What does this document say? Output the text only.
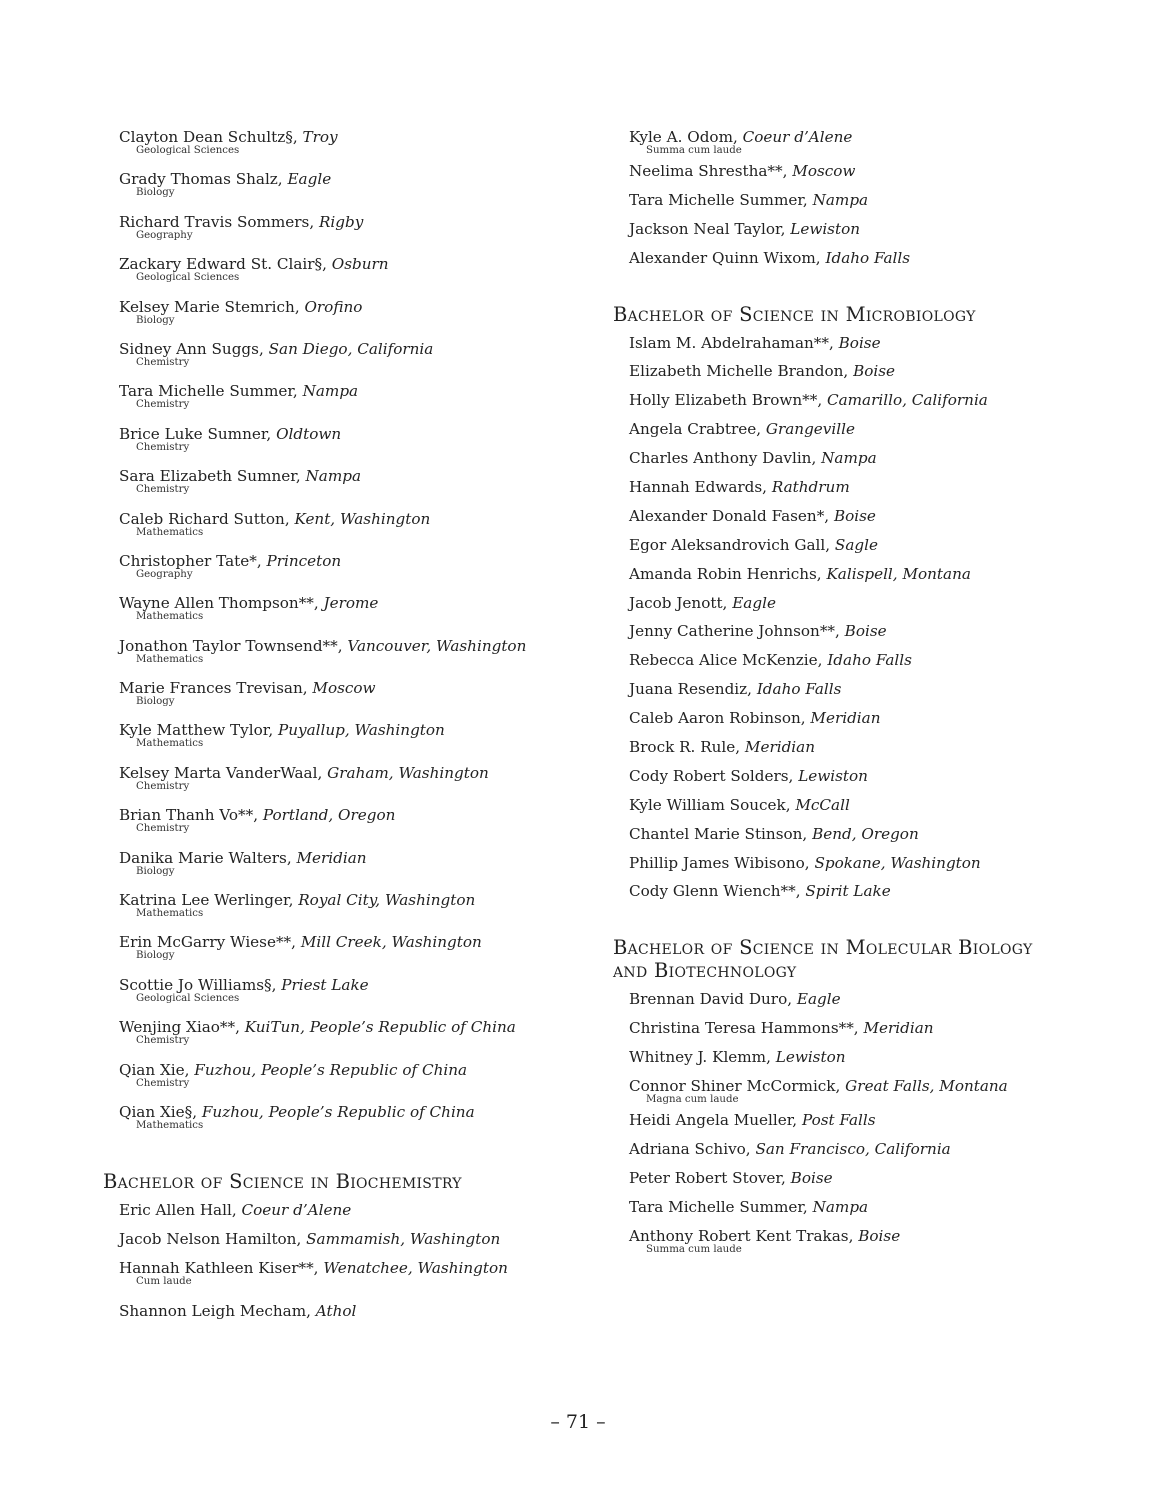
Clayton Dean Schultz§, Troy
Geological Sciences
Grady Thomas Shalz, Eagle
Biology
Richard Travis Sommers, Rigby
Geography
Zackary Edward St. Clair§, Osburn
Geological Sciences
Kelsey Marie Stemrich, Orofino
Biology
Sidney Ann Suggs, San Diego, California
Chemistry
Tara Michelle Summer, Nampa
Chemistry
Brice Luke Sumner, Oldtown
Chemistry
Sara Elizabeth Sumner, Nampa
Chemistry
Caleb Richard Sutton, Kent, Washington
Mathematics
Christopher Tate*, Princeton
Geography
Wayne Allen Thompson**, Jerome
Mathematics
Jonathon Taylor Townsend**, Vancouver, Washington
Mathematics
Marie Frances Trevisan, Moscow
Biology
Kyle Matthew Tylor, Puyallup, Washington
Mathematics
Kelsey Marta VanderWaal, Graham, Washington
Chemistry
Brian Thanh Vo**, Portland, Oregon
Chemistry
Danika Marie Walters, Meridian
Biology
Katrina Lee Werlinger, Royal City, Washington
Mathematics
Erin McGarry Wiese**, Mill Creek, Washington
Biology
Scottie Jo Williams§, Priest Lake
Geological Sciences
Wenjing Xiao**, KuiTun, People’s Republic of China
Chemistry
Qian Xie, Fuzhou, People’s Republic of China
Chemistry
Qian Xie§, Fuzhou, People’s Republic of China
Mathematics
Bachelor of Science in Biochemistry
Eric Allen Hall, Coeur d’Alene
Jacob Nelson Hamilton, Sammamish, Washington
Hannah Kathleen Kiser**, Wenatchee, Washington
Cum laude
Shannon Leigh Mecham, Athol
Kyle A. Odom, Coeur d’Alene
Summa cum laude
Neelima Shrestha**, Moscow
Tara Michelle Summer, Nampa
Jackson Neal Taylor, Lewiston
Alexander Quinn Wixom, Idaho Falls
Bachelor of Science in Microbiology
Islam M. Abdelrahaman**, Boise
Elizabeth Michelle Brandon, Boise
Holly Elizabeth Brown**, Camarillo, California
Angela Crabtree, Grangeville
Charles Anthony Davlin, Nampa
Hannah Edwards, Rathdrum
Alexander Donald Fasen*, Boise
Egor Aleksandrovich Gall, Sagle
Amanda Robin Henrichs, Kalispell, Montana
Jacob Jenott, Eagle
Jenny Catherine Johnson**, Boise
Rebecca Alice McKenzie, Idaho Falls
Juana Resendiz, Idaho Falls
Caleb Aaron Robinson, Meridian
Brock R. Rule, Meridian
Cody Robert Solders, Lewiston
Kyle William Soucek, McCall
Chantel Marie Stinson, Bend, Oregon
Phillip James Wibisono, Spokane, Washington
Cody Glenn Wiench**, Spirit Lake
Bachelor of Science in Molecular Biology
and Biotechnology
Brennan David Duro, Eagle
Christina Teresa Hammons**, Meridian
Whitney J. Klemm, Lewiston
Connor Shiner McCormick, Great Falls, Montana
Magna cum laude
Heidi Angela Mueller, Post Falls
Adriana Schivo, San Francisco, California
Peter Robert Stover, Boise
Tara Michelle Summer, Nampa
Anthony Robert Kent Trakas, Boise
Summa cum laude
– 71 –
